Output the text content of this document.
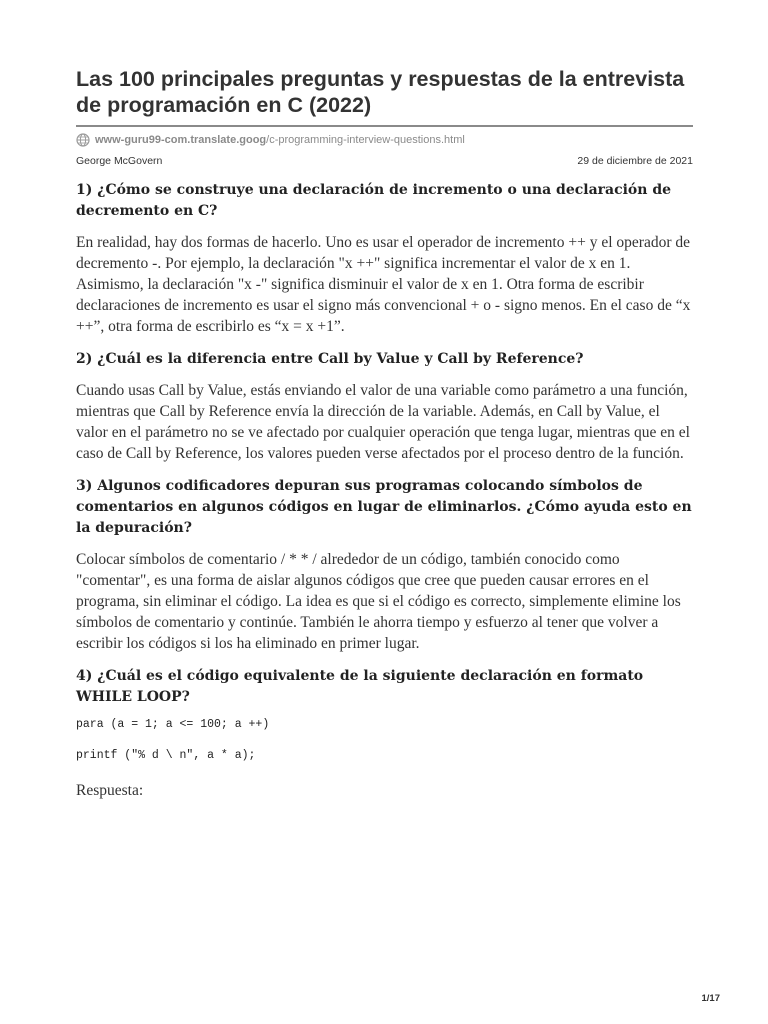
Las 100 principales preguntas y respuestas de la entrevista de programación en C (2022)
www-guru99-com.translate.goog /c-programming-interview-questions.html
George McGovern	29 de diciembre de 2021
1) ¿Cómo se construye una declaración de incremento o una declaración de decremento en C?

En realidad, hay dos formas de hacerlo. Uno es usar el operador de incremento ++ y el operador de decremento -. Por ejemplo, la declaración "x ++" significa incrementar el valor de x en 1. Asimismo, la declaración "x -" significa disminuir el valor de x en 1. Otra forma de escribir declaraciones de incremento es usar el signo más convencional + o - signo menos. En el caso de “x ++”, otra forma de escribirlo es “x = x +1”.

2) ¿Cuál es la diferencia entre Call by Value y Call by Reference?

Cuando usas Call by Value, estás enviando el valor de una variable como parámetro a una función, mientras que Call by Reference envía la dirección de la variable. Además, en Call by Value, el valor en el parámetro no se ve afectado por cualquier operación que tenga lugar, mientras que en el caso de Call by Reference, los valores pueden verse afectados por el proceso dentro de la función.

3) Algunos codificadores depuran sus programas colocando símbolos de comentarios en algunos códigos en lugar de eliminarlos. ¿Cómo ayuda esto en la depuración?

Colocar símbolos de comentario / * * / alrededor de un código, también conocido como "comentar", es una forma de aislar algunos códigos que cree que pueden causar errores en el programa, sin eliminar el código. La idea es que si el código es correcto, simplemente elimine los símbolos de comentario y continúe. También le ahorra tiempo y esfuerzo al tener que volver a escribir los códigos si los ha eliminado en primer lugar.

4) ¿Cuál es el código equivalente de la siguiente declaración en formato WHILE LOOP?
para (a = 1; a <= 100; a ++)
printf ("% d \ n", a * a);

Respuesta:

1/17
